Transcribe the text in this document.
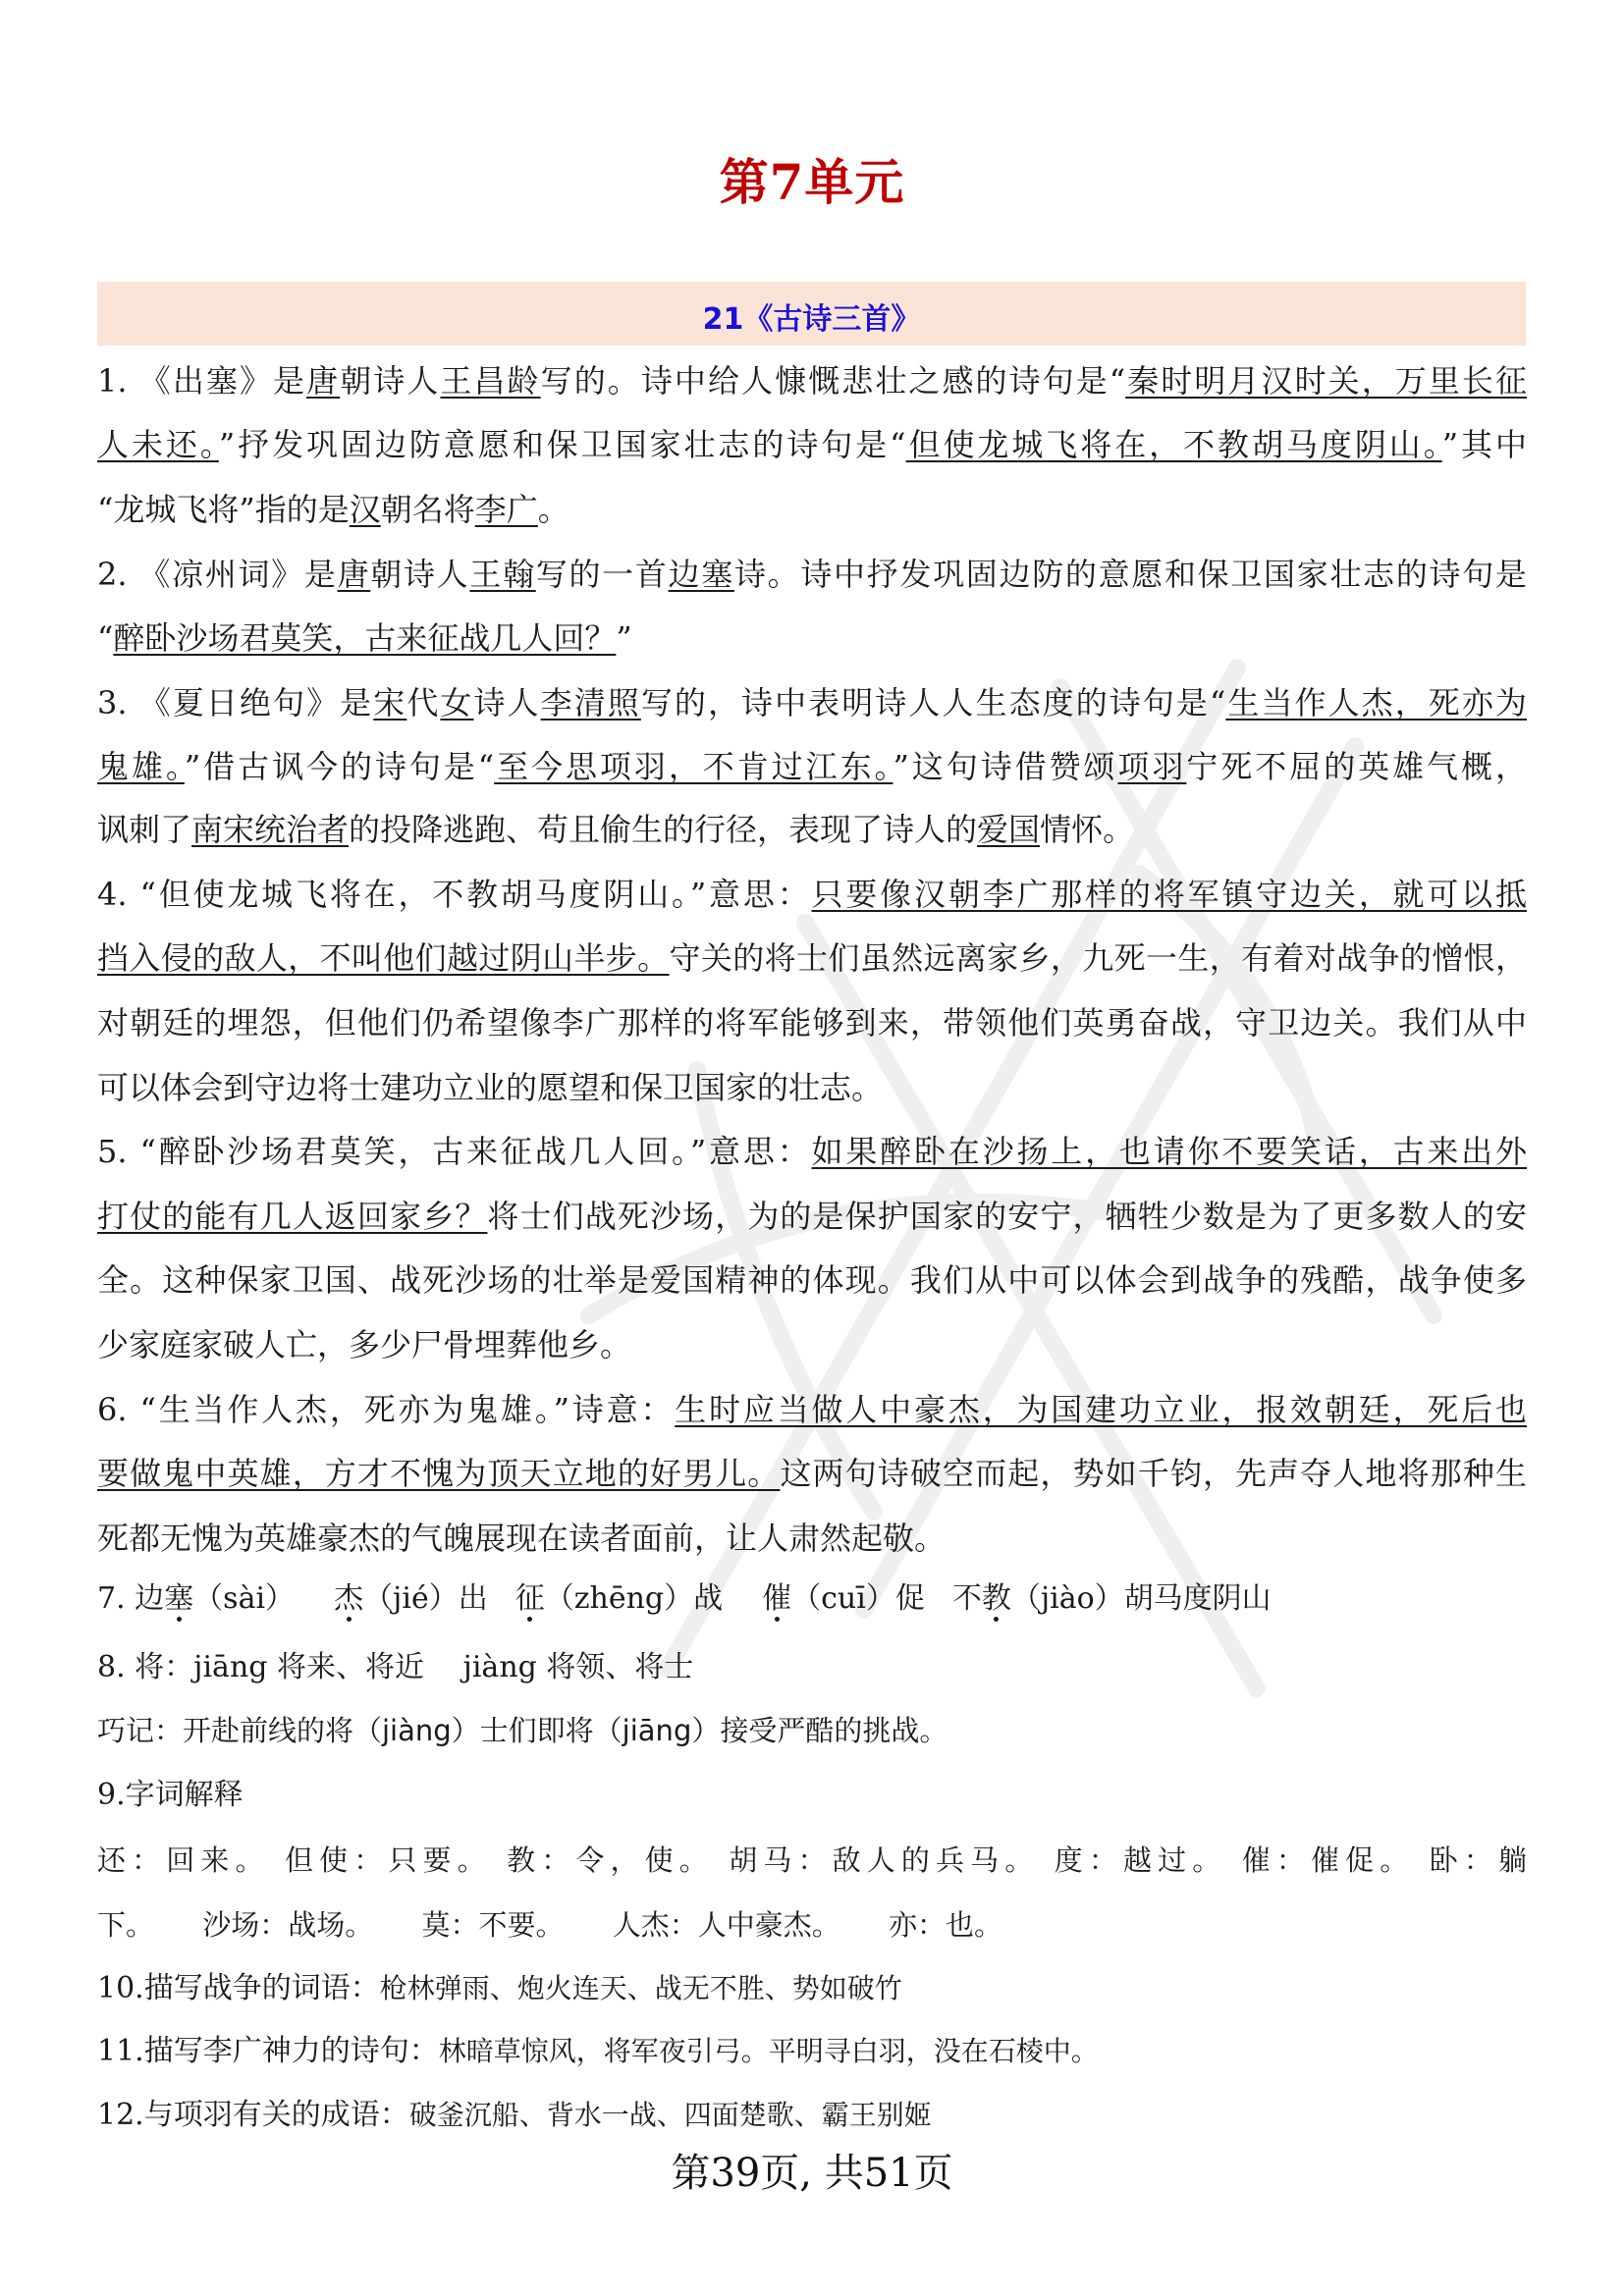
第7单元
21《古诗三首》
1. 《出塞》是唐朝诗人王昌龄写的。诗中给人慷慨悲壮之感的诗句是“秦时明月汉时关，万里长征
人未还。”抒发巩固边防意愿和保卫国家壮志的诗句是“但使龙城飞将在，不教胡马度阴山。”其中
“龙城飞将”指的是汉朝名将李广。
2. 《凉州词》是唐朝诗人王翰写的一首边塞诗。诗中抒发巩固边防的意愿和保卫国家壮志的诗句是
“醉卧沙场君莫笑，古来征战几人回？”
3. 《夏日绝句》是宋代女诗人李清照写的，诗中表明诗人人生态度的诗句是“生当作人杰，死亦为
鬼雄。”借古讽今的诗句是“至今思项羽，不肯过江东。”这句诗借赞颂项羽宁死不屈的英雄气概，
讽刺了南宋统治者的投降逃跑、苟且偷生的行径，表现了诗人的爱国情怀。
4. “但使龙城飞将在，不教胡马度阴山。”意思：只要像汉朝李广那样的将军镇守边关，就可以抵
挡入侵的敌人，不叫他们越过阴山半步。守关的将士们虽然远离家乡，九死一生，有着对战争的憎恨，
对朝廷的埋怨，但他们仍希望像李广那样的将军能够到来，带领他们英勇奋战，守卫边关。我们从中
可以体会到守边将士建功立业的愿望和保卫国家的壮志。
5. “醉卧沙场君莫笑，古来征战几人回。”意思：如果醉卧在沙扬上，也请你不要笑话，古来出外
打仗的能有几人返回家乡？将士们战死沙场，为的是保护国家的安宁，牺牲少数是为了更多数人的安
全。这种保家卫国、战死沙场的壮举是爱国精神的体现。我们从中可以体会到战争的残酷，战争使多
少家庭家破人亡，多少尸骨埋葬他乡。
6. “生当作人杰，死亦为鬼雄。”诗意：生时应当做人中豪杰，为国建功立业，报效朝廷，死后也
要做鬼中英雄，方才不愧为顶天立地的好男儿。这两句诗破空而起，势如千钧，先声夺人地将那种生
死都无愧为英雄豪杰的气魄展现在读者面前，让人肃然起敬。
7. 边塞（sài） 杰（jié）出 征（zhēng）战 催（cuī）促 不教（jiào）胡马度阴山
8. 将：jiāng 将来、将近　 jiàng 将领、将士
巧记：开赴前线的将（jiàng）士们即将（jiāng）接受严酷的挑战。
9.字词解释
还：回来。 但使：只要。 教：令，使。 胡马：敌人的兵马。 度：越过。 催：催促。 卧：躺
下。 沙场：战场。 莫：不要。 人杰：人中豪杰。 亦：也。
10.描写战争的词语：枪林弹雨、炮火连天、战无不胜、势如破竹
11.描写李广神力的诗句：林暗草惊风，将军夜引弓。平明寻白羽，没在石棱中。
12.与项羽有关的成语：破釜沉船、背水一战、四面楚歌、霸王别姬
第39页, 共51页
